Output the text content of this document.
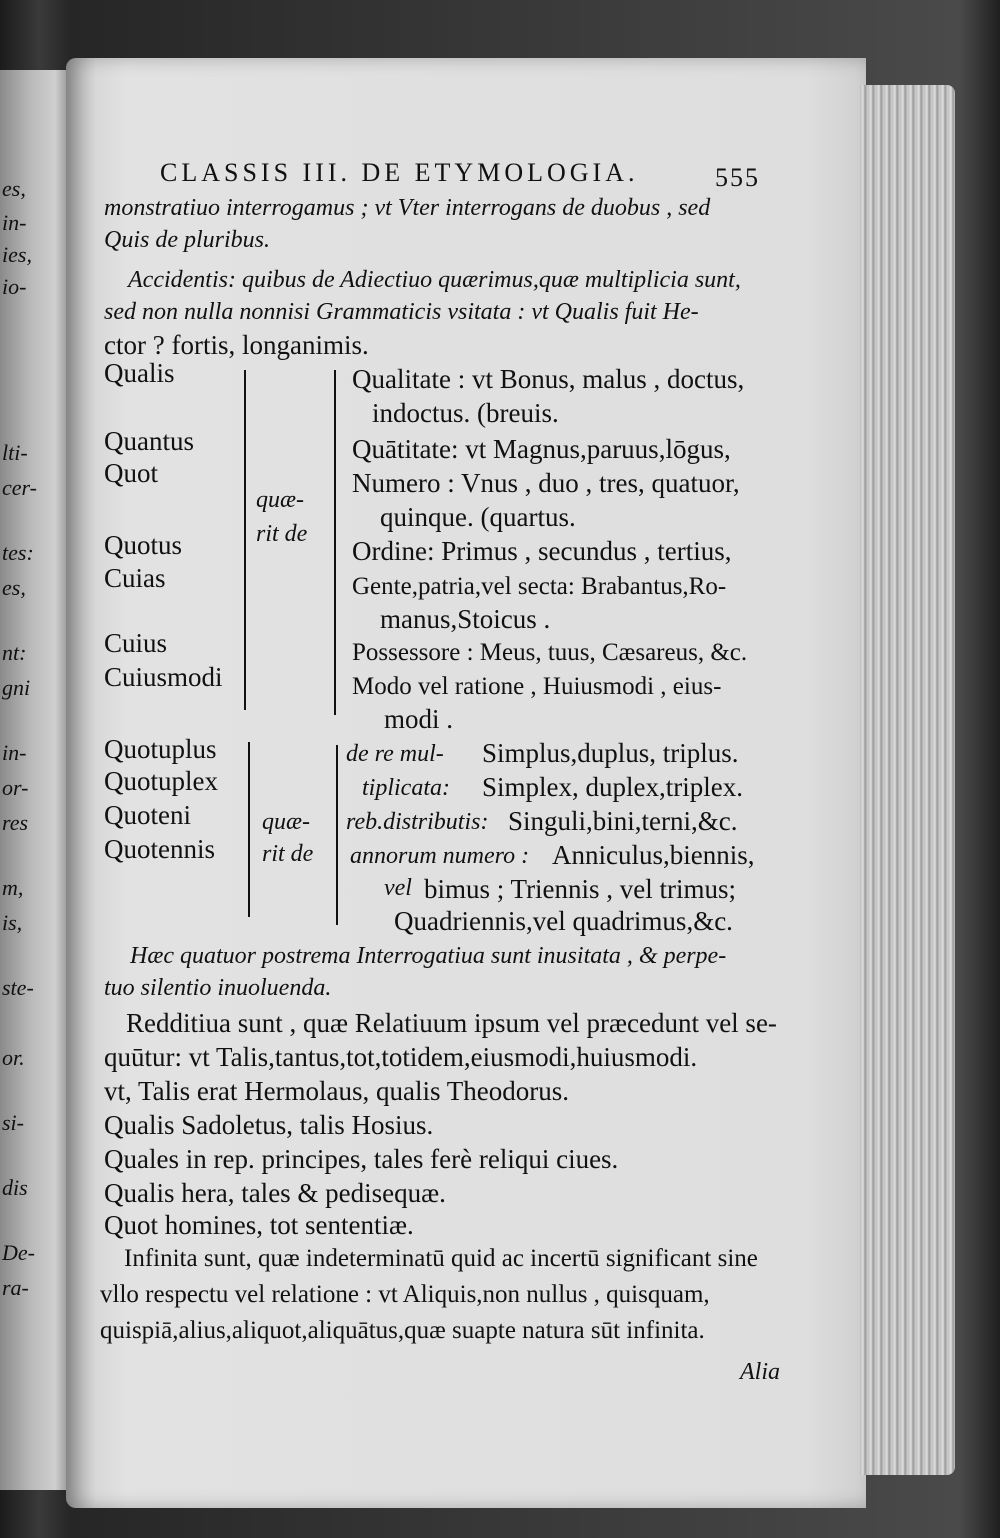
es,
in-
ies,
io-
lti-
cer-
tes:
es,
nt:
gni
in-
or-
res
m,
is,
ste-
or.
si-
dis
De-
ra-
CLASSIS III. DE ETYMOLOGIA.	555
monstratiuo interrogamus ; vt Vter interrogans de duobus , sed
Quis de pluribus.
Accidentis: quibus de Adiectiuo quærimus,quæ multiplicia sunt,
sed non nulla nonnisi Grammaticis vsitata : vt Qualis fuit He-
ctor ? fortis, longanimis.
Qualis
Quantus
Quot
Quotus
Cuias
Cuius
Cuiusmodi
quæ-
rit de
Qualitate : vt Bonus, malus , doctus,
indoctus. (breuis.
Quātitate: vt Magnus,paruus,lōgus,
Numero : Vnus , duo , tres, quatuor,
quinque. (quartus.
Ordine: Primus , secundus , tertius,
Gente,patria,vel secta: Brabantus,Ro-
manus,Stoicus .
Possessore : Meus, tuus, Cæsareus, &c.
Modo vel ratione , Huiusmodi , eius-
modi .
Quotuplus
Quotuplex
Quoteni
Quotennis
quæ-
rit de
de re mul- Simplus,duplus, triplus.
tiplicata: Simplex, duplex,triplex.
reb.distributis: Singuli,bini,terni,&c.
annorum numero : Anniculus,biennis,
vel bimus ; Triennis , vel trimus;
Quadriennis,vel quadrimus,&c.
Hæc quatuor postrema Interrogatiua sunt inusitata , & perpe-
tuo silentio inuoluenda.
Redditiua sunt , quæ Relatiuum ipsum vel præcedunt vel se-
quūtur: vt Talis,tantus,tot,totidem,eiusmodi,huiusmodi.
vt, Talis erat Hermolaus, qualis Theodorus.
Qualis Sadoletus, talis Hosius.
Quales in rep. principes, tales ferè reliqui ciues.
Qualis hera, tales & pedisequæ.
Quot homines, tot sententiæ.
Infinita sunt, quæ indeterminatū quid ac incertū significant sine
vllo respectu vel relatione : vt Aliquis,non nullus , quisquam,
quispiā,alius,aliquot,aliquātus,quæ suapte natura sūt infinita.
Alia
